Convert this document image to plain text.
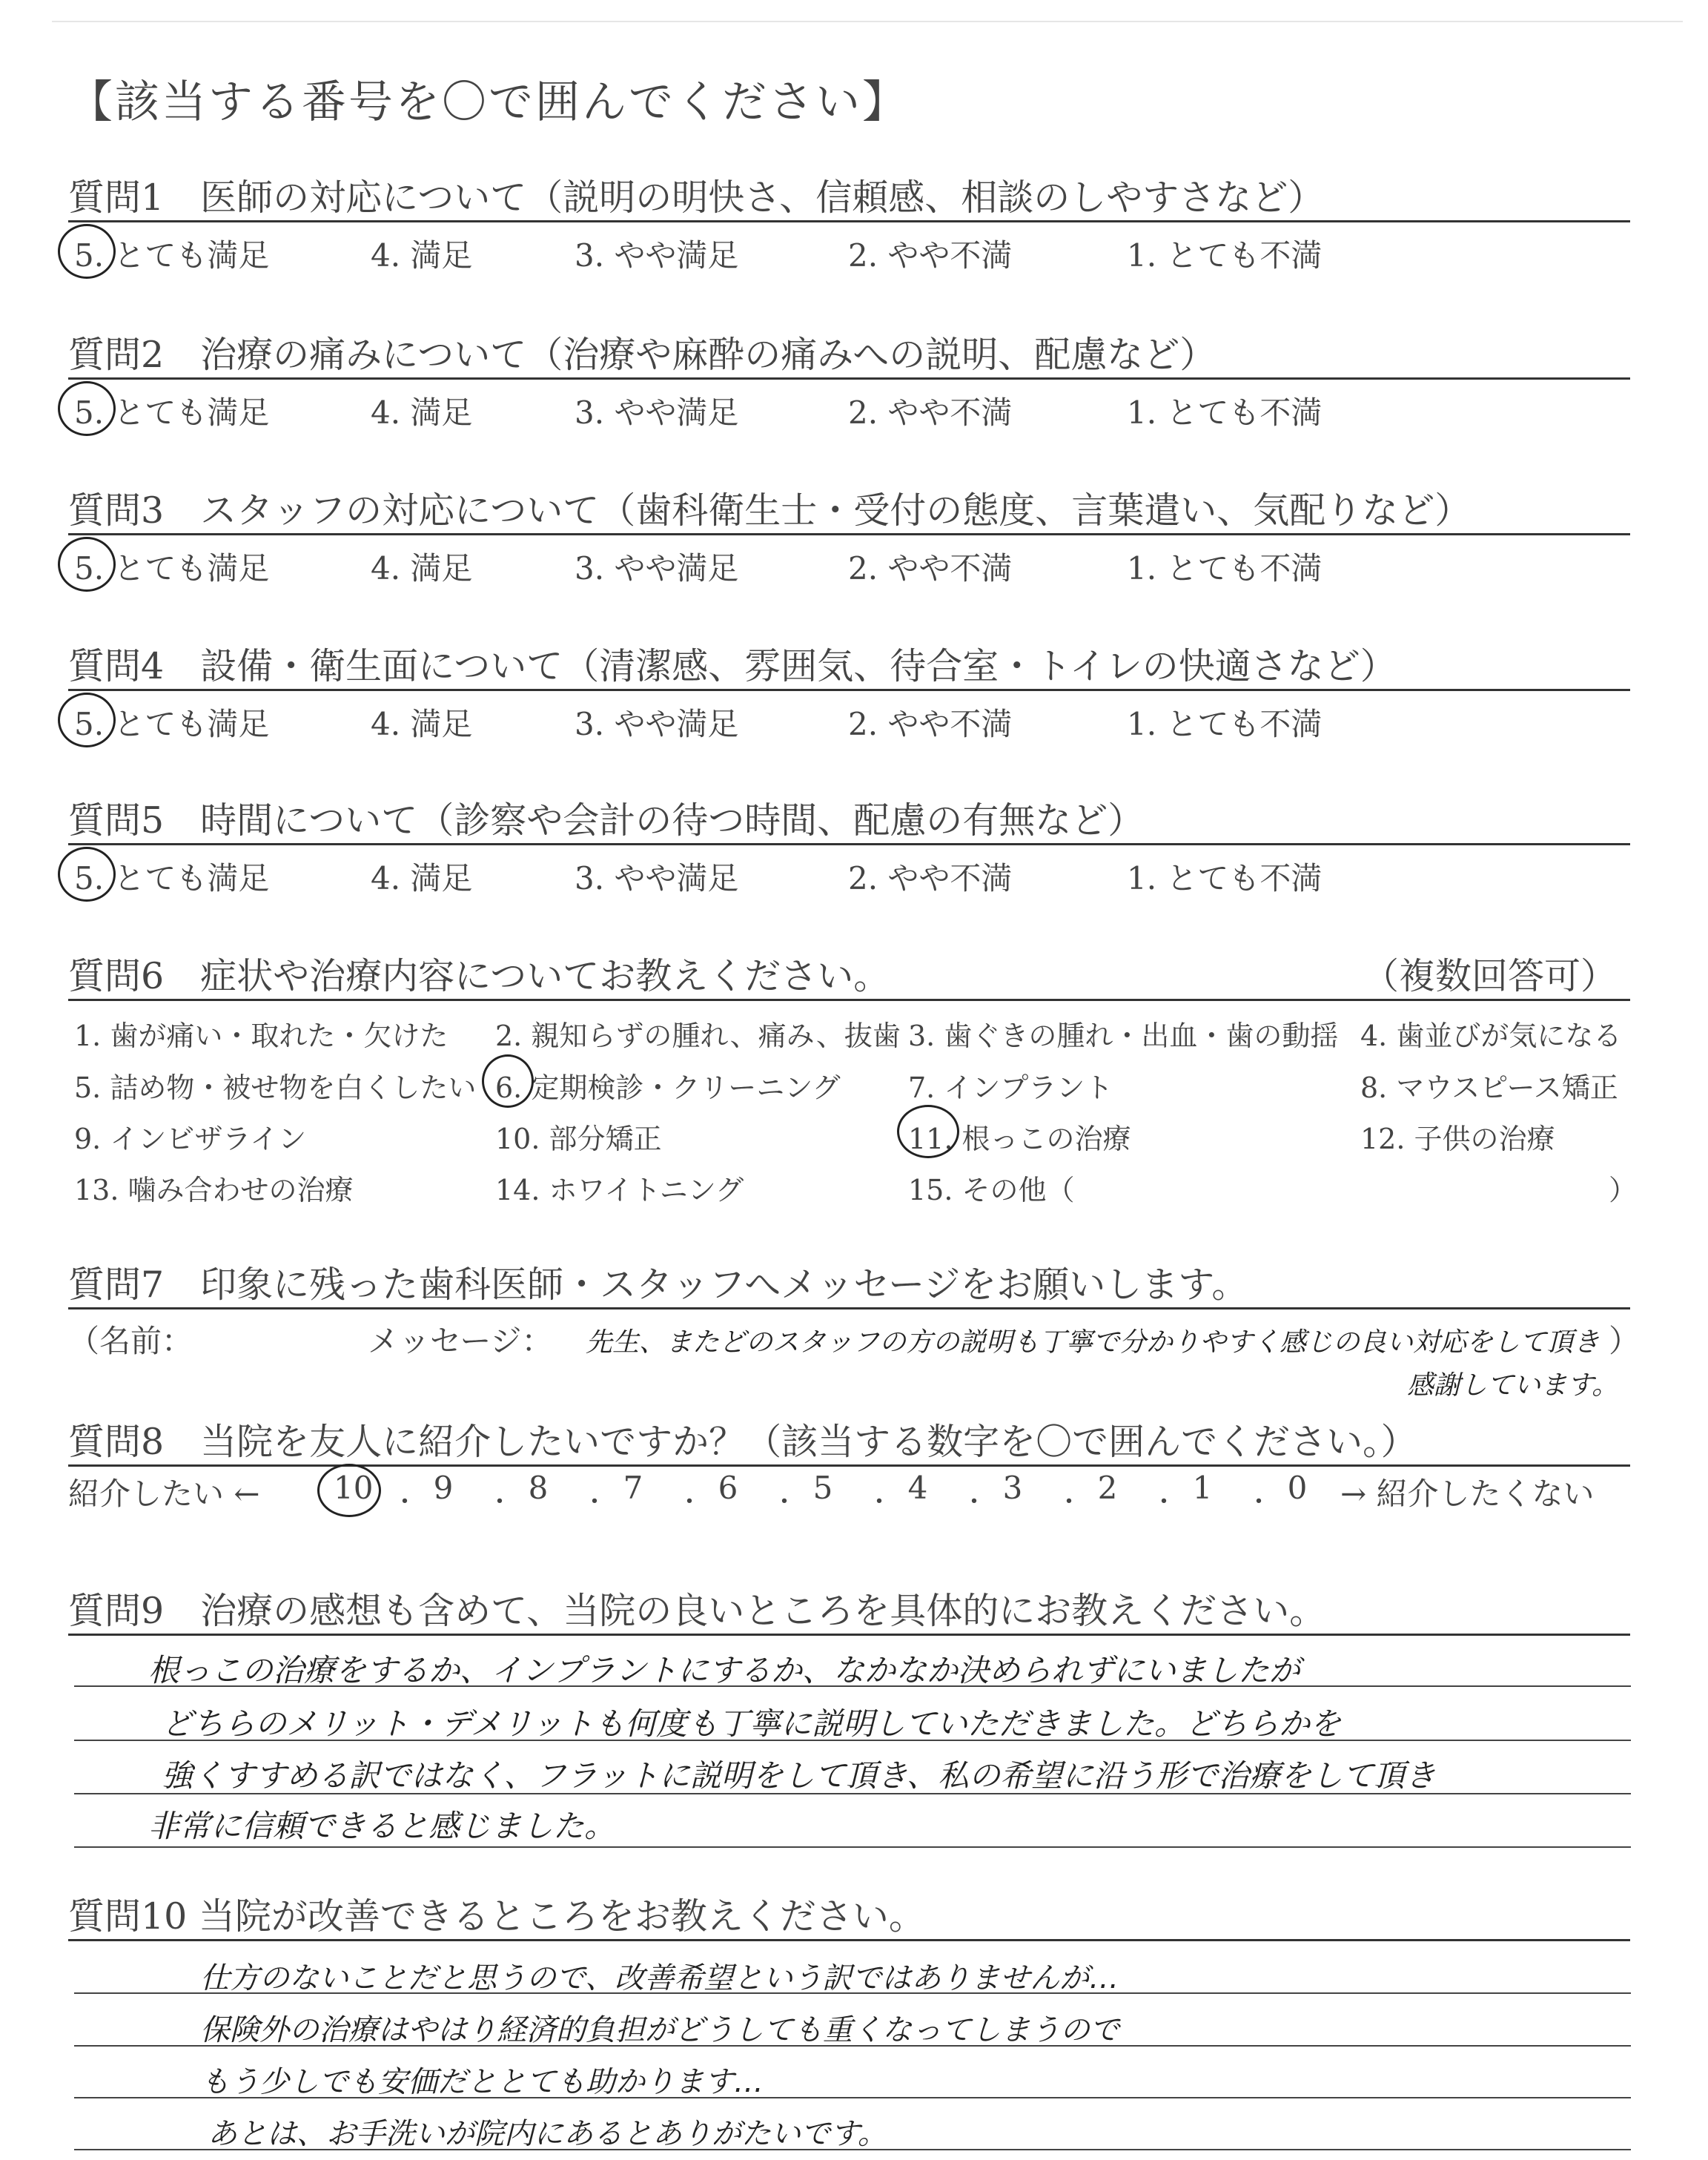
【該当する番号を〇で囲んでください】
質問1　医師の対応について（説明の明快さ、信頼感、相談のしやすさなど）
5. とても満足	4. 満足	3. やや満足	2. やや不満	1. とても不満
質問2　治療の痛みについて（治療や麻酔の痛みへの説明、配慮など）
5. とても満足	4. 満足	3. やや満足	2. やや不満	1. とても不満
質問3　スタッフの対応について（歯科衛生士・受付の態度、言葉遣い、気配りなど）
5. とても満足	4. 満足	3. やや満足	2. やや不満	1. とても不満
質問4　設備・衛生面について（清潔感、雰囲気、待合室・トイレの快適さなど）
5. とても満足	4. 満足	3. やや満足	2. やや不満	1. とても不満
質問5　時間について（診察や会計の待つ時間、配慮の有無など）
5. とても満足	4. 満足	3. やや満足	2. やや不満	1. とても不満
質問6　症状や治療内容についてお教えください。	（複数回答可）
1. 歯が痛い・取れた・欠けた 2. 親知らずの腫れ、痛み、抜歯 3. 歯ぐきの腫れ・出血・歯の動揺 4. 歯並びが気になる
5. 詰め物・被せ物を白くしたい 6. 定期検診・クリーニング 7. インプラント	8. マウスピース矯正
9. インビザライン	10. 部分矯正	11. 根っこの治療	12. 子供の治療
13. 噛み合わせの治療	14. ホワイトニング	15. その他（	）
質問7　印象に残った歯科医師・スタッフへメッセージをお願いします。
（名前：	メッセージ：	）
先生、またどのスタッフの方の説明も丁寧で分かりやすく感じの良い対応をして頂き
感謝しています。
質問8　当院を友人に紹介したいですか？（該当する数字を〇で囲んでください。）
紹介したい ← 10 ・ 9 ・ 8 ・ 7 ・ 6 ・ 5 ・ 4 ・ 3 ・ 2 ・ 1 ・ 0 → 紹介したくない
質問9　治療の感想も含めて、当院の良いところを具体的にお教えください。
根っこの治療をするか、インプラントにするか、なかなか決められずにいましたが
どちらのメリット・デメリットも何度も丁寧に説明していただきました。どちらかを
強くすすめる訳ではなく、フラットに説明をして頂き、私の希望に沿う形で治療をして頂き
非常に信頼できると感じました。
質問10 当院が改善できるところをお教えください。
仕方のないことだと思うので、改善希望という訳ではありませんが…
保険外の治療はやはり経済的負担がどうしても重くなってしまうので
もう少しでも安価だととても助かります…
あとは、お手洗いが院内にあるとありがたいです。
